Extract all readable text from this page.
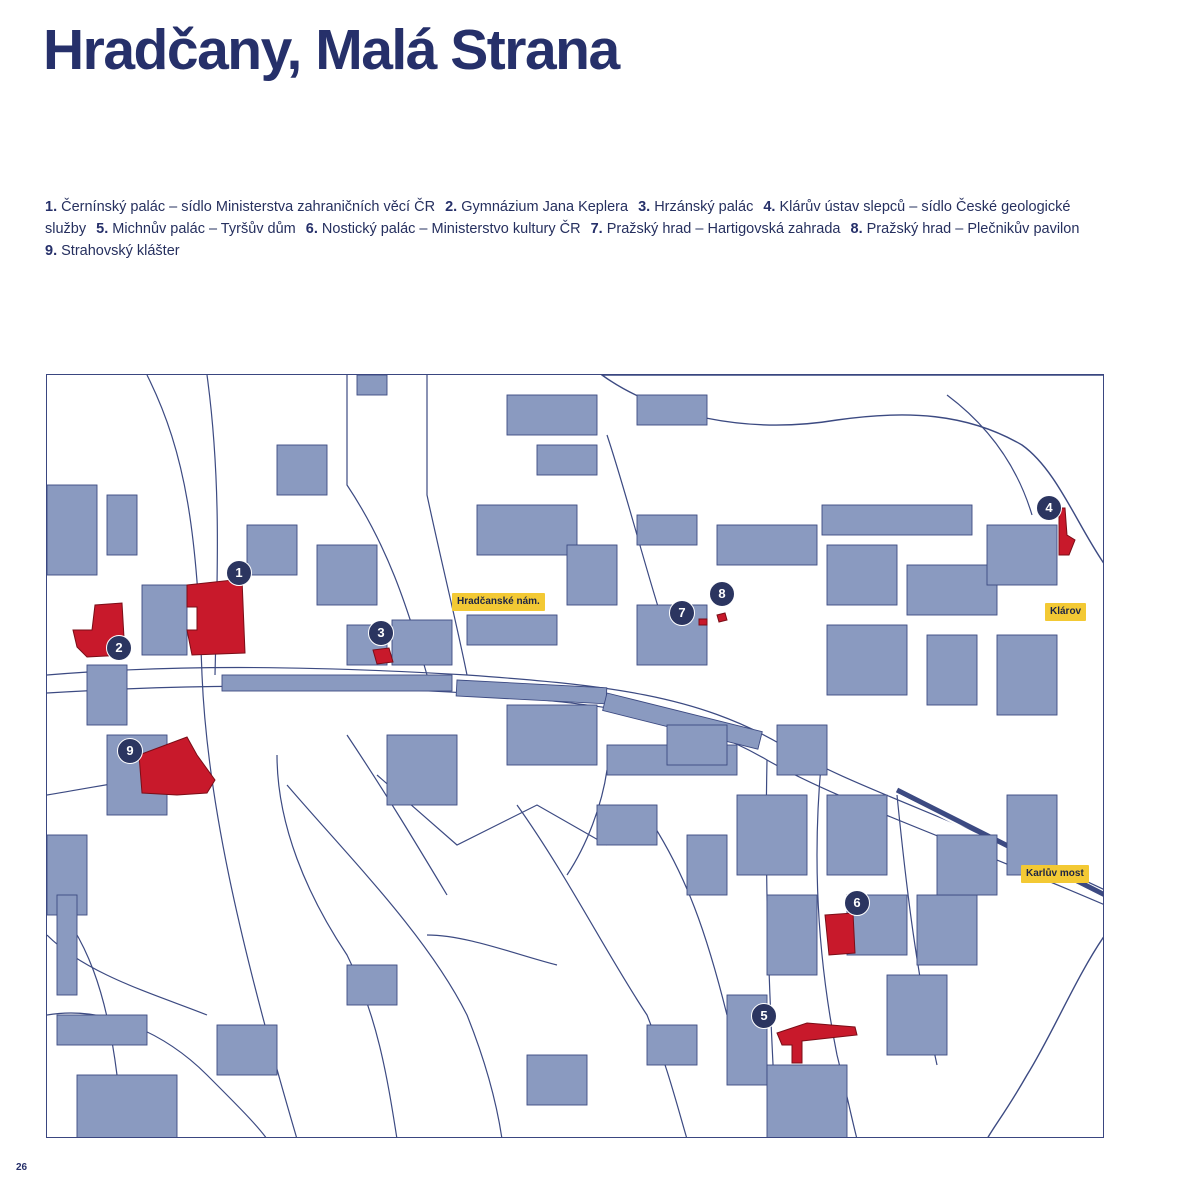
Hradčany, Malá Strana
1. Černínský palác – sídlo Ministerstva zahraničních věcí ČR 2. Gymnázium Jana Keplera 3. Hrzánský palác 4. Klárův ústav slepců – sídlo České geologické služby 5. Michnův palác – Tyršův dům 6. Nostický palác – Ministerstvo kultury ČR 7. Pražský hrad – Hartigovská zahrada 8. Pražský hrad – Plečnikův pavilon 9. Strahovský klášter
1
2
3
4
5
6
7
8
9
Hradčanské nám.
Klárov
Karlův most
26
